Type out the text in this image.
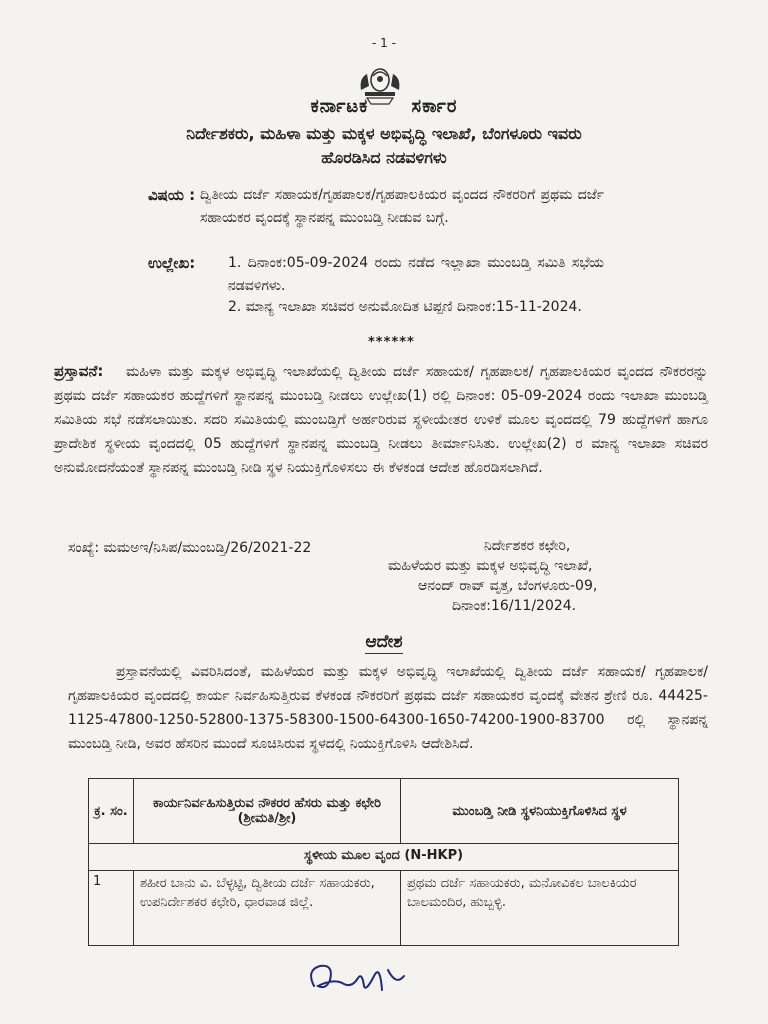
- 1 -
ಕರ್ನಾಟಕ ಸರ್ಕಾರ
ನಿರ್ದೇಶಕರು, ಮಹಿಳಾ ಮತ್ತು ಮಕ್ಕಳ ಅಭಿವೃದ್ಧಿ ಇಲಾಖೆ, ಬೆಂಗಳೂರು ಇವರು
ಹೊರಡಿಸಿದ ನಡವಳಿಗಳು
ವಿಷಯ : ದ್ವಿತೀಯ ದರ್ಜೆ ಸಹಾಯಕ/ಗೃಹಪಾಲಕ/ಗೃಹಪಾಲಕಿಯರ ವೃಂದದ ನೌಕರರಿಗೆ ಪ್ರಥಮ ದರ್ಜೆ ಸಹಾಯಕರ ವೃಂದಕ್ಕೆ ಸ್ಥಾನಪನ್ನ ಮುಂಬಡ್ತಿ ನೀಡುವ ಬಗ್ಗೆ.
ಉಲ್ಲೇಖ: 1. ದಿನಾಂಕ:05-09-2024 ರಂದು ನಡೆದ ಇಲ್ಲಾಖಾ ಮುಂಬಡ್ತಿ ಸಮಿತಿ ಸಭೆಯ ನಡವಳಿಗಳು.
2. ಮಾನ್ಯ ಇಲಾಖಾ ಸಚಿವರ ಅನುಮೋದಿತ ಟಿಪ್ಪಣಿ ದಿನಾಂಕ:15-11-2024.
******
ಪ್ರಸ್ತಾವನೆ:	ಮಹಿಳಾ ಮತ್ತು ಮಕ್ಕಳ ಅಭಿವೃದ್ಧಿ ಇಲಾಖೆಯಲ್ಲಿ ದ್ವಿತೀಯ ದರ್ಜೆ ಸಹಾಯಕ/ ಗೃಹಪಾಲಕ/ ಗೃಹಪಾಲಕಿಯರ ವೃಂದದ ನೌಕರರನ್ನು ಪ್ರಥಮ ದರ್ಜೆ ಸಹಾಯಕರ ಹುದ್ದೆಗಳಿಗೆ ಸ್ಥಾನಪನ್ನ ಮುಂಬಡ್ತಿ ನೀಡಲು ಉಲ್ಲೇಖ(1) ರಲ್ಲಿ ದಿನಾಂಕ: 05-09-2024 ರಂದು ಇಲಾಖಾ ಮುಂಬಡ್ತಿ ಸಮಿತಿಯ ಸಭೆ ನಡೆಸಲಾಯಿತು. ಸದರಿ ಸಮಿತಿಯಲ್ಲಿ ಮುಂಬಡ್ತಿಗೆ ಅರ್ಹರಿರುವ ಸ್ಥಳೀಯೇತರ ಉಳಿಕೆ ಮೂಲ ವೃಂದದಲ್ಲಿ 79 ಹುದ್ದೆಗಳಿಗೆ ಹಾಗೂ ಪ್ರಾದೇಶಿಕ ಸ್ಥಳೀಯ ವೃಂದದಲ್ಲಿ 05 ಹುದ್ದೆಗಳಿಗೆ ಸ್ಥಾನಪನ್ನ ಮುಂಬಡ್ತಿ ನೀಡಲು ತೀರ್ಮಾನಿಸಿತು. ಉಲ್ಲೇಖ(2) ರ ಮಾನ್ಯ ಇಲಾಖಾ ಸಚಿವರ ಅನುಮೋದನೆಯಂತೆ ಸ್ಥಾನಪನ್ನ ಮುಂಬಡ್ತಿ ನೀಡಿ ಸ್ಥಳ ನಿಯುಕ್ತಿಗೊಳಿಸಲು ಈ ಕೆಳಕಂಡ ಆದೇಶ ಹೊರಡಿಸಲಾಗಿದೆ.
ಸಂಖ್ಯೆ: ಮಮಅಇ/ನಿಸಿಪ/ಮುಂಬಡ್ತಿ/26/2021-22	ನಿರ್ದೇಶಕರ ಕಛೇರಿ,
ಮಹಿಳೆಯರ ಮತ್ತು ಮಕ್ಕಳ ಅಭಿವೃದ್ಧಿ ಇಲಾಖೆ,
ಆನಂದ್ ರಾವ್ ವೃತ್ತ, ಬೆಂಗಳೂರು-09,
ದಿನಾಂಕ:16/11/2024.
ಆದೇಶ
ಪ್ರಸ್ತಾವನೆಯಲ್ಲಿ ವಿವರಿಸಿದಂತೆ, ಮಹಿಳೆಯರ ಮತ್ತು ಮಕ್ಕಳ ಅಭಿವೃದ್ಧಿ ಇಲಾಖೆಯಲ್ಲಿ ದ್ವಿತೀಯ ದರ್ಜೆ ಸಹಾಯಕ/ ಗೃಹಪಾಲಕ/ ಗೃಹಪಾಲಕಿಯರ ವೃಂದದಲ್ಲಿ ಕಾರ್ಯ ನಿರ್ವಹಿಸುತ್ತಿರುವ ಕೆಳಕಂಡ ನೌಕರರಿಗೆ ಪ್ರಥಮ ದರ್ಜೆ ಸಹಾಯಕರ ವೃಂದಕ್ಕೆ ವೇತನ ಶ್ರೇಣಿ ರೂ. 44425-1125-47800-1250-52800-1375-58300-1500-64300-1650-74200-1900-83700 ರಲ್ಲಿ ಸ್ಥಾನಪನ್ನ ಮುಂಬಡ್ತಿ ನೀಡಿ, ಅವರ ಹೆಸರಿನ ಮುಂದೆ ಸೂಚಿಸಿರುವ ಸ್ಥಳದಲ್ಲಿ ನಿಯುಕ್ತಿಗೊಳಿಸಿ ಆದೇಶಿಸಿದೆ.
ಕ್ರ. ಸಂ.	ಕಾರ್ಯನಿರ್ವಹಿಸುತ್ತಿರುವ ನೌಕರರ ಹೆಸರು ಮತ್ತು ಕಛೇರಿ (ಶ್ರೀಮತಿ/ಶ್ರೀ)	ಮುಂಬಡ್ತಿ ನೀಡಿ ಸ್ಥಳನಿಯುಕ್ತಿಗೊಳಿಸಿದ ಸ್ಥಳ
ಸ್ಥಳೀಯ ಮೂಲ ವೃಂದ (N-HKP)		
1	ಶಹೀರ ಬಾನು ವಿ. ಬೆಳ್ಳಟ್ಟಿ, ದ್ವಿತೀಯ ದರ್ಜೆ ಸಹಾಯಕರು, ಉಪನಿರ್ದೇಶಕರ ಕಛೇರಿ, ಧಾರವಾಡ ಜಿಲ್ಲೆ.	ಪ್ರಥಮ ದರ್ಜೆ ಸಹಾಯಕರು, ಮನೋವಿಕಲ ಬಾಲಕಿಯರ ಬಾಲಮಂದಿರ, ಹುಬ್ಬಳ್ಳಿ.
